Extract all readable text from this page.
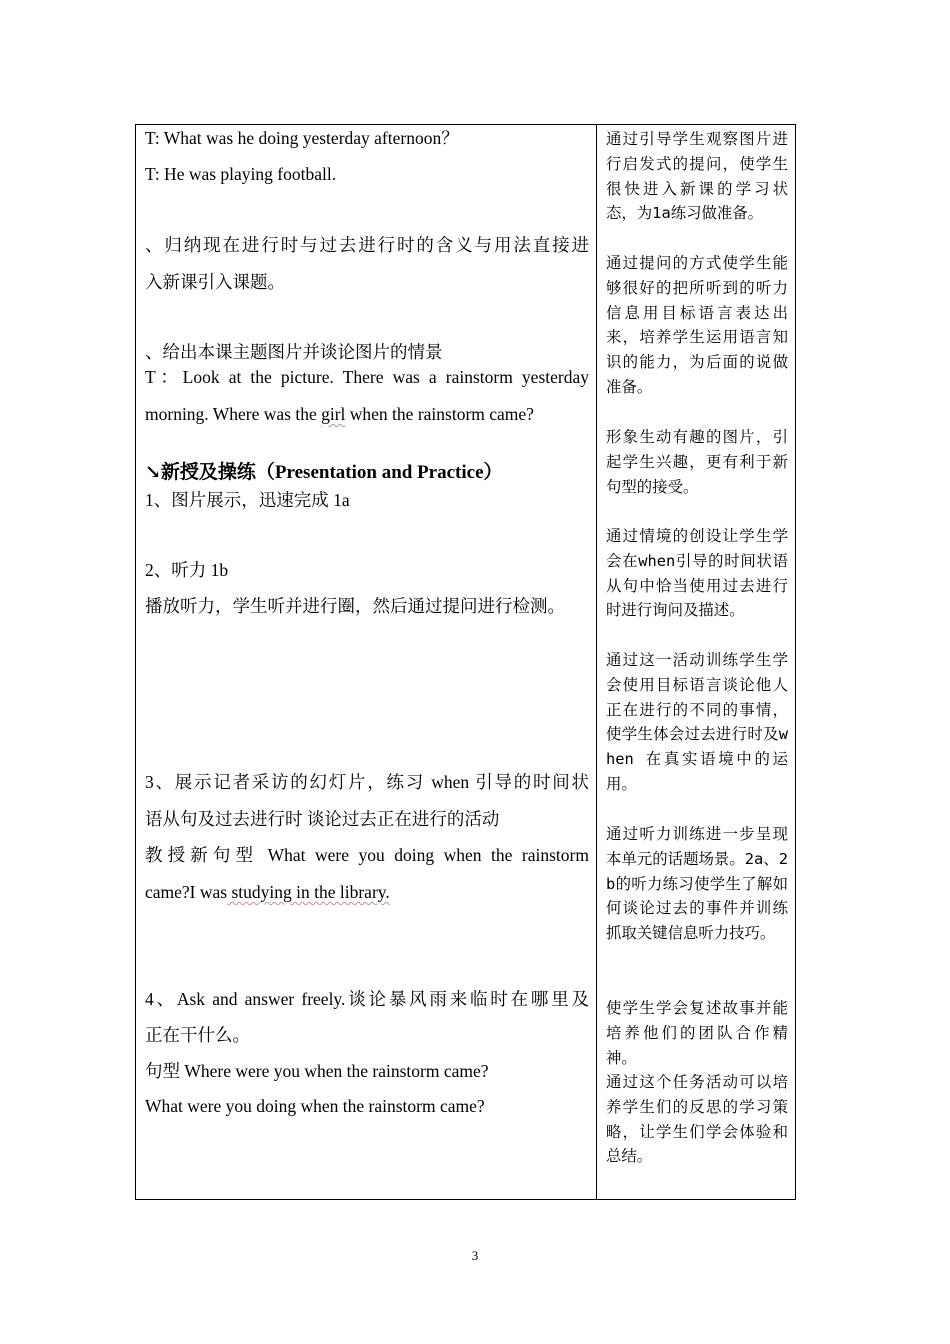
T: What was he doing yesterday afternoon？
T: He was playing football.
、归纳现在进行时与过去进行时的含义与用法直接进
入新课引入课题。
、给出本课主题图片并谈论图片的情景
T：Look at the picture. There was a rainstorm yesterday
morning. Where was the girl when the rainstorm came?
↘新授及操练（Presentation and Practice）
1、图片展示，迅速完成 1a
2、听力 1b
播放听力，学生听并进行圈，然后通过提问进行检测。
3、展示记者采访的幻灯片，练习 when 引导的时间状
语从句及过去进行时 谈论过去正在进行的活动
教授新句型 What were you doing when the rainstorm
came?I was studying in the library.
4、Ask and answer freely.谈论暴风雨来临时在哪里及
正在干什么。
句型 Where were you when the rainstorm came?
What were you doing when the rainstorm came?
通过引导学生观察图片进行启发式的提问，使学生很快进入新课的学习状态，为1a练习做准备。
通过提问的方式使学生能够很好的把所听到的听力信息用目标语言表达出来，培养学生运用语言知识的能力，为后面的说做准备。
形象生动有趣的图片，引起学生兴趣，更有利于新句型的接受。
通过情境的创设让学生学会在when引导的时间状语从句中恰当使用过去进行时进行询问及描述。
通过这一活动训练学生学会使用目标语言谈论他人正在进行的不同的事情，使学生体会过去进行时及when 在真实语境中的运用。
通过听力训练进一步呈现本单元的话题场景。2a、2b的听力练习使学生了解如何谈论过去的事件并训练抓取关键信息听力技巧。
使学生学会复述故事并能培养他们的团队合作精神。
通过这个任务活动可以培养学生们的反思的学习策略，让学生们学会体验和总结。
3
